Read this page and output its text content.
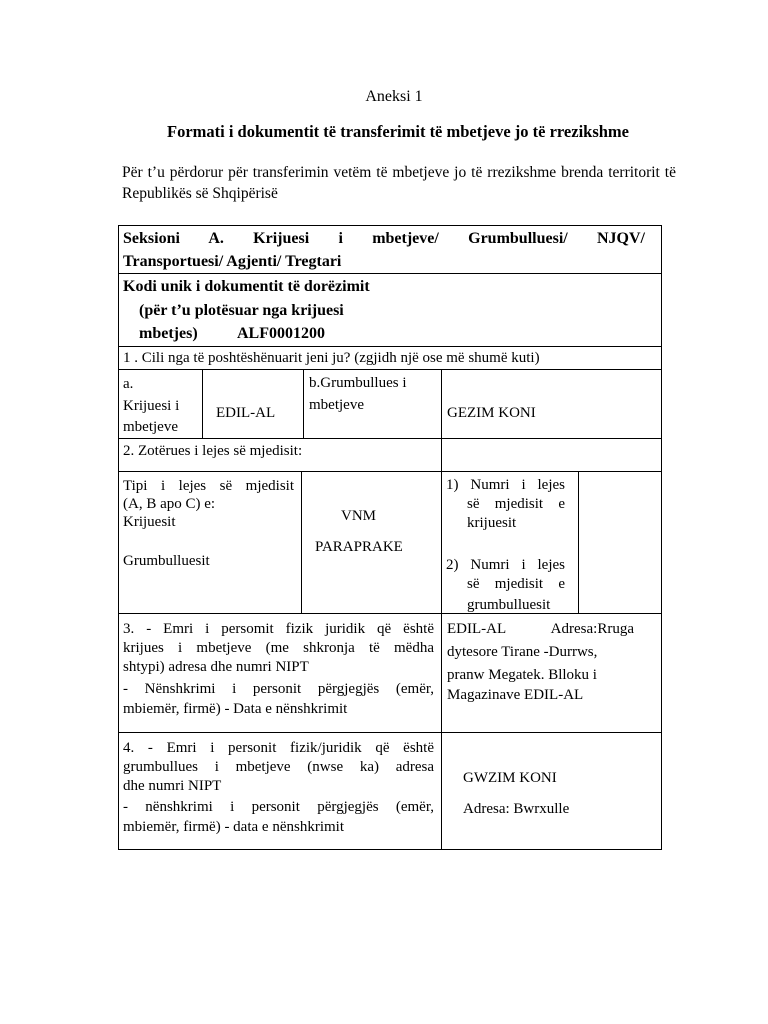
Aneksi 1
Formati i dokumentit të transferimit të mbetjeve jo të rrezikshme
Për t’u përdorur për transferimin vetëm të mbetjeve jo të rrezikshme brenda territorit të Republikës së Shqipërisë
Seksioni A. Krijuesi i mbetjeve/ Grumbulluesi/ NJQV/
Transportuesi/ Agjenti/ Tregtari
Kodi unik i dokumentit të dorëzimit
(për t’u plotësuar nga krijuesi
mbetjes) ALF0001200
1 . Cili nga të poshtëshënuarit jeni ju? (zgjidh një ose më shumë kuti)
a.
Krijuesi i
mbetjeve
EDIL-AL
b.Grumbullues i
mbetjeve	GEZIM KONI
2. Zotërues i lejes së mjedisit:
Tipi i lejes së mjedisit
(A, B apo C) e:
Krijuesit
Grumbulluesit
VNM
PARAPRAKE
1) Numri i lejes
së mjedisit e
krijuesit
2) Numri i lejes
së mjedisit e
grumbulluesit
3. - Emri i persomit fizik juridik që është
krijues i mbetjeve (me shkronja të mëdha
shtypi) adresa dhe numri NIPT
- Nënshkrimi i personit përgjegjës (emër,
mbiemër, firmë) - Data e nënshkrimit
EDIL-AL Adresa:Rruga
dytesore Tirane -Durrws,
pranw Megatek. Blloku i
Magazinave EDIL-AL
4. - Emri i personit fizik/juridik që është
grumbullues i mbetjeve (nwse ka) adresa
dhe numri NIPT
- nënshkrimi i personit përgjegjës (emër,
mbiemër, firmë) - data e nënshkrimit
GWZIM KONI
Adresa: Bwrxulle
